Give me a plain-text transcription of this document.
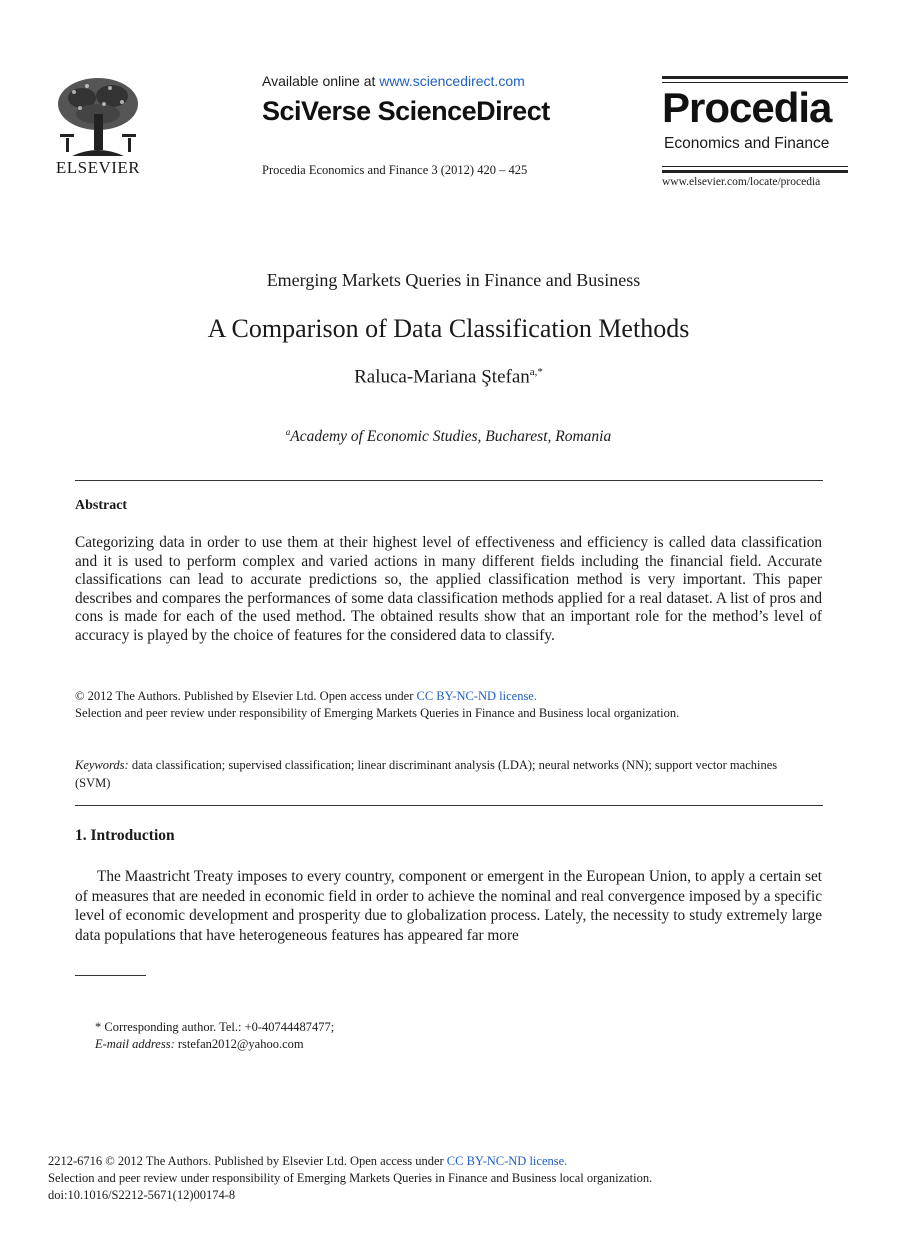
ELSEVIER
Available online at www.sciencedirect.com
SciVerse ScienceDirect
Procedia Economics and Finance 3 (2012) 420 – 425
Procedia
Economics and Finance
www.elsevier.com/locate/procedia
Emerging Markets Queries in Finance and Business
A Comparison of Data Classification Methods
Raluca-Mariana Ştefan$^{a,*}$
$^a$Academy of Economic Studies, Bucharest, Romania
Abstract
Categorizing data in order to use them at their highest level of effectiveness and efficiency is called data classification and it is used to perform complex and varied actions in many different fields including the financial field. Accurate classifications can lead to accurate predictions so, the applied classification method is very important. This paper describes and compares the performances of some data classification methods applied for a real dataset. A list of pros and cons is made for each of the used method. The obtained results show that an important role for the method’s level of accuracy is played by the choice of features for the considered data to classify.
© 2012 The Authors. Published by Elsevier Ltd. Open access under CC BY-NC-ND license.
Selection and peer review under responsibility of Emerging Markets Queries in Finance and Business local organization.
Keywords: data classification; supervised classification; linear discriminant analysis (LDA); neural networks (NN); support vector machines (SVM)
1. Introduction
The Maastricht Treaty imposes to every country, component or emergent in the European Union, to apply a certain set of measures that are needed in economic field in order to achieve the nominal and real convergence imposed by a specific level of economic development and prosperity due to globalization process. Lately, the necessity to study extremely large data populations that have heterogeneous features has appeared far more
* Corresponding author. Tel.: +0-40744487477;
E-mail address: rstefan2012@yahoo.com
2212-6716 © 2012 The Authors. Published by Elsevier Ltd. Open access under CC BY-NC-ND license.
Selection and peer review under responsibility of Emerging Markets Queries in Finance and Business local organization.
doi:10.1016/S2212-5671(12)00174-8
